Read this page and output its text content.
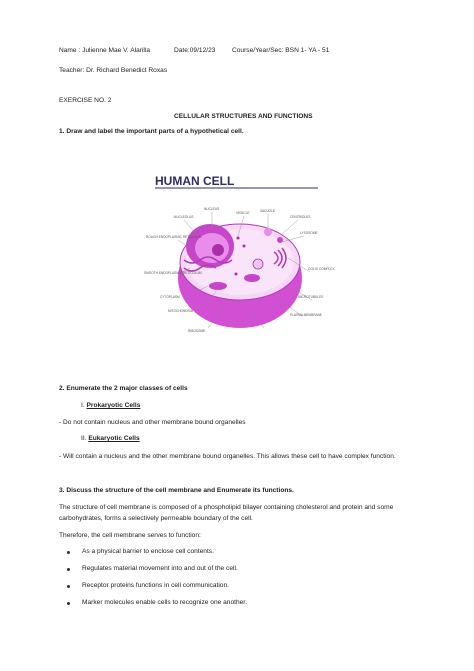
Name : Julienne Mae V. Alarilla	Date:09/12/23	Course/Year/Sec: BSN 1- YA - 51
Teacher: Dr. Richard Benedict Roxas
EXERCISE NO. 2
CELLULAR STRUCTURES AND FUNCTIONS
1. Draw and label the important parts of a hypothetical cell.
HUMAN CELL
NUCLEUS
NUCLEOLUS
ROUGH ENDOPLASMIC RETICULUM
SMOOTH ENDOPLASMIC RETICULUM
CYTOPLASM
MITOCHONDRIA
RIBOSOME
VESICLE	VACUOLE
CENTRIOLES
LYSOSOME
GOLGI COMPLEX
MICROTUBULES
PLASMA MEMBRANE
2. Enumerate the 2 major classes of cells
I. Prokaryotic Cells
- Do not contain nucleus and other membrane bound organelles
II. Eukaryotic Cells
- Will contain a nucleus and the other membrane bound organelles. This allows these cell to have complex function.
3. Discuss the structure of the cell membrane and Enumerate its functions.
The structure of cell membrane is composed of a phospholipid bilayer containing cholesterol and protein and some
carbohydrates, forms a selectively permeable boundary of the cell.
Therefore, the cell membrane serves to function:
As a physical barrier to enclose cell contents.
Regulates material movement into and out of the cell.
Receptor proteins functions in cell communication.
Marker molecules enable cells to recognize one another.
